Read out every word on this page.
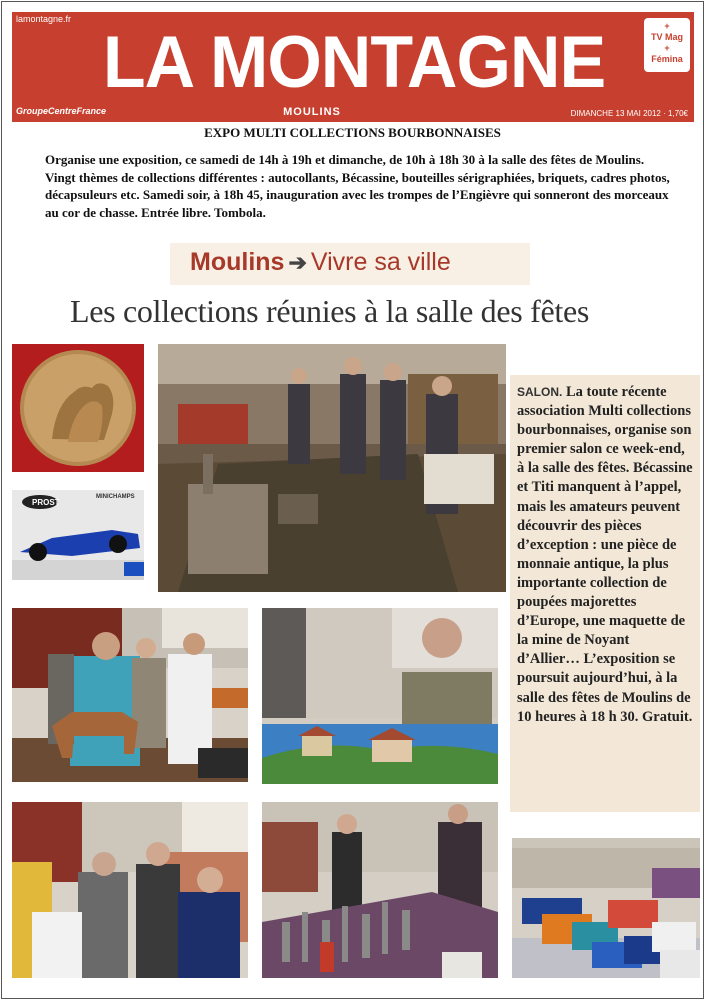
lamontagne.fr
LA MONTAGNE
GroupeCentreFrance	MOULINS	DIMANCHE 13 MAI 2012 · 1,70€
+
TV Mag
+
Fémina
EXPO MULTI COLLECTIONS BOURBONNAISES
Organise une exposition, ce samedi de 14h à 19h et dimanche, de 10h à 18h 30 à la salle des fêtes de Moulins. Vingt thèmes de collections différentes : autocollants, Bécassine, bouteilles sérigraphiées, briquets, cadres photos, décapsuleurs etc. Samedi soir, à 18h 45, inauguration avec les trompes de l’Engièvre qui sonneront des morceaux au cor de chasse. Entrée libre. Tombola.
Moulins ➔ Vivre sa ville
Les collections réunies à la salle des fêtes
PROST
MINICHAMPS
SALON. La toute récente association Multi collections bourbonnaises, organise son premier salon ce week-end, à la salle des fêtes. Bécassine et Titi manquent à l’appel, mais les amateurs peuvent découvrir des pièces d’exception : une pièce de monnaie antique, la plus importante collection de poupées majorettes d’Europe, une maquette de la mine de Noyant d’Allier… L’exposition se poursuit aujourd’hui, à la salle des fêtes de Moulins de 10 heures à 18 h 30. Gratuit.
